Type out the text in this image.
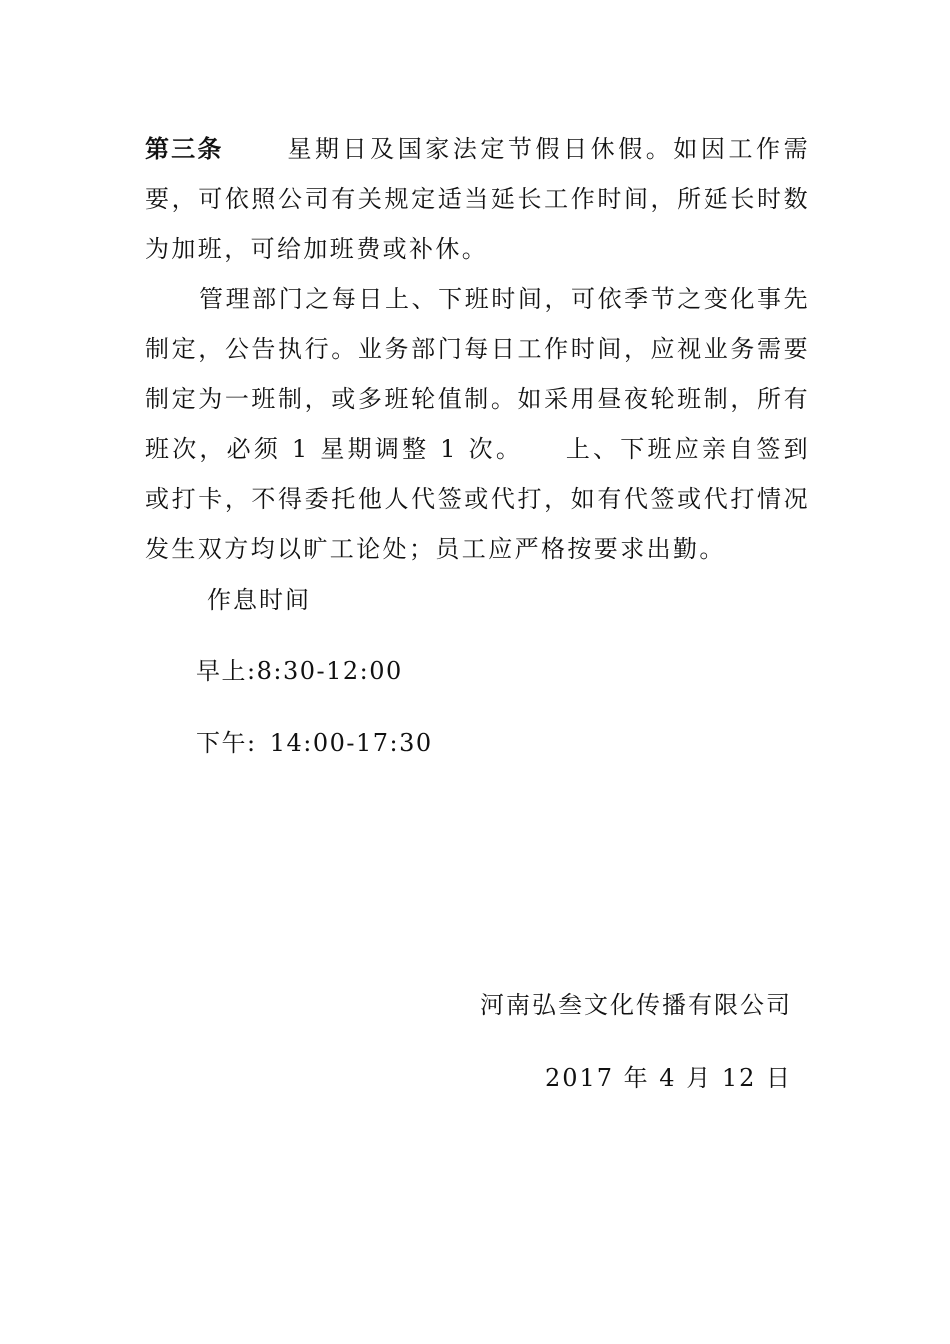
第三条	星期日及国家法定节假日休假。如因工作需要，可依照公司有关规定适当延长工作时间，所延长时数为加班，可给加班费或补休。

管理部门之每日上、下班时间，可依季节之变化事先制定，公告执行。业务部门每日工作时间，应视业务需要制定为一班制，或多班轮值制。如采用昼夜轮班制，所有班次，必须 1 星期调整 1 次。 上、下班应亲自签到或打卡，不得委托他人代签或代打，如有代签或代打情况发生双方均以旷工论处；员工应严格按要求出勤。

作息时间

早上:8:30-12:00

下午: 14:00-17:30

河南弘叁文化传播有限公司

2017 年 4 月 12 日
